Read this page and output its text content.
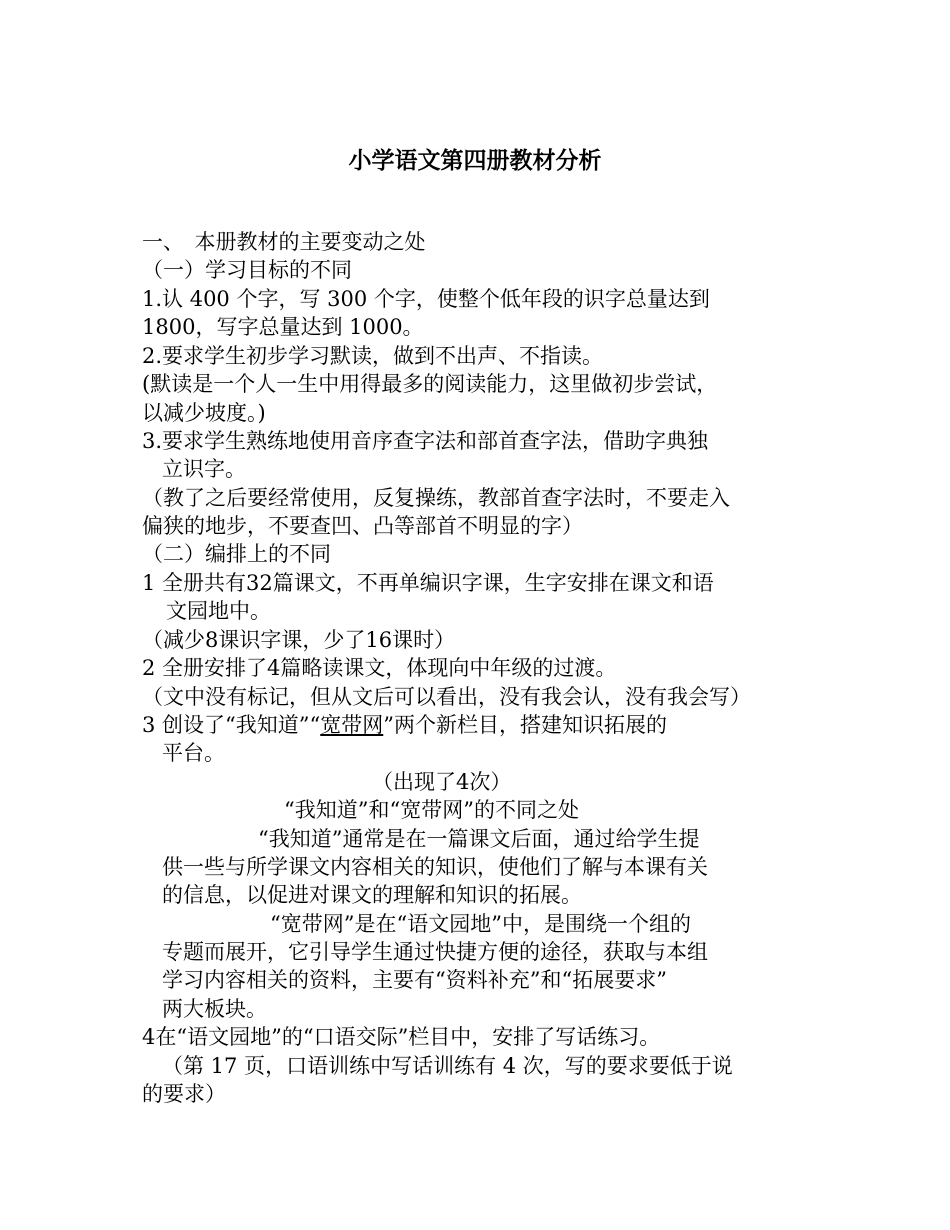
小学语文第四册教材分析
一、　本册教材的主要变动之处
（一）学习目标的不同
1.认 400 个字，写 300 个字，使整个低年段的识字总量达到
1800，写字总量达到 1000。
2.要求学生初步学习默读，做到不出声、不指读。
(默读是一个人一生中用得最多的阅读能力，这里做初步尝试，
以减少坡度。)
3.要求学生熟练地使用音序查字法和部首查字法，借助字典独
立识字。
（教了之后要经常使用，反复操练，教部首查字法时，不要走入
偏狭的地步，不要查凹、凸等部首不明显的字）
（二）编排上的不同
1 全册共有32篇课文，不再单编识字课，生字安排在课文和语
文园地中。
（减少8课识字课，少了16课时）
2 全册安排了4篇略读课文，体现向中年级的过渡。
（文中没有标记，但从文后可以看出，没有我会认，没有我会写）
3 创设了“我知道”“宽带网”两个新栏目，搭建知识拓展的
平台。
（出现了4次）
“我知道”和“宽带网”的不同之处
“我知道”通常是在一篇课文后面，通过给学生提
供一些与所学课文内容相关的知识，使他们了解与本课有关
的信息，以促进对课文的理解和知识的拓展。
“宽带网”是在“语文园地”中，是围绕一个组的
专题而展开，它引导学生通过快捷方便的途径，获取与本组
学习内容相关的资料，主要有“资料补充”和“拓展要求”
两大板块。
4在“语文园地”的“口语交际”栏目中，安排了写话练习。
（第 17 页，口语训练中写话训练有 4 次，写的要求要低于说
的要求）
